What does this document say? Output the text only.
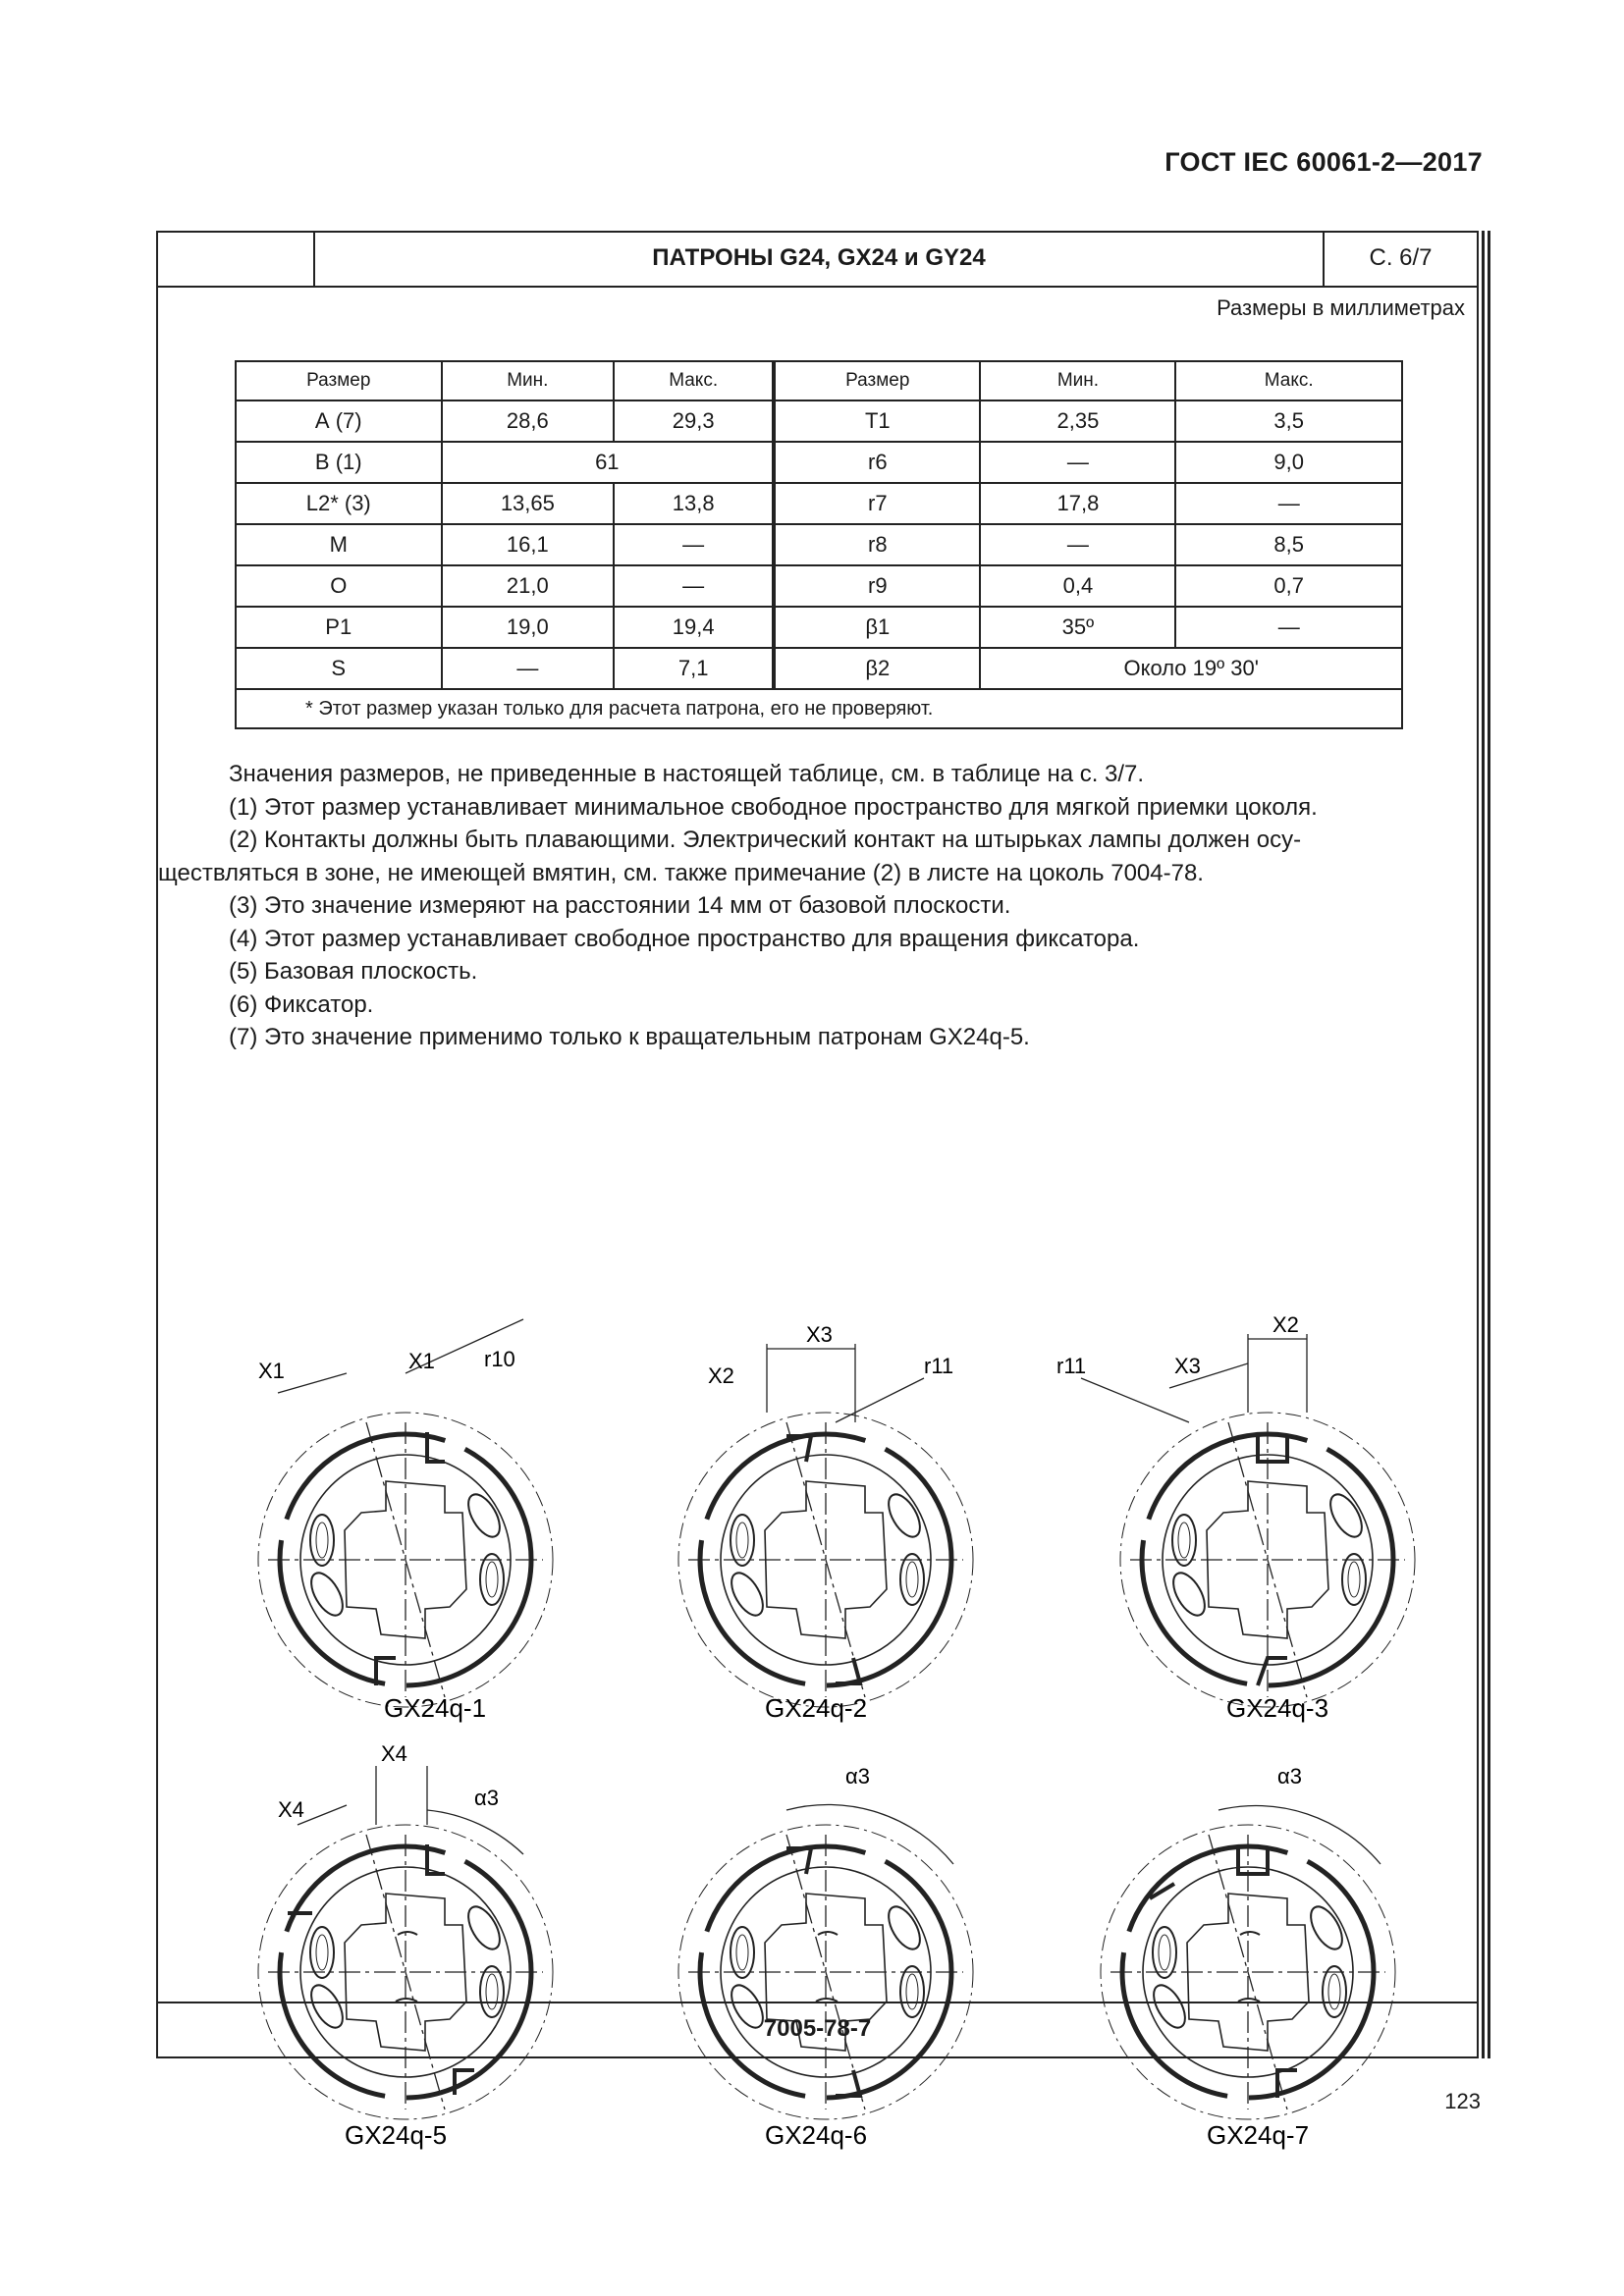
ГОСТ IEC 60061-2—2017
ПАТРОНЫ G24, GX24 и GY24	С. 6/7
Размеры в миллиметрах
Размер	Мин.	Макс.	Размер	Мин.	Макс.
А (7)	28,6	29,3	T1	2,35	3,5
B (1)	61		r6	—	9,0
L2* (3)	13,65	13,8	r7	17,8	—
M	16,1	—	r8	—	8,5
O	21,0	—	r9	0,4	0,7
P1	19,0	19,4	β1	35º	—
S	—	7,1	β2	Около 19º 30'	
* Этот размер указан только для расчета патрона, его не проверяют.					

Значения размеров, не приведенные в настоящей таблице, см. в таблице на с. 3/7.

(1) Этот размер устанавливает минимальное свободное пространство для мягкой приемки цоколя.

(2) Контакты должны быть плавающими. Электрический контакт на штырьках лампы должен осу-

ществляться в зоне, не имеющей вмятин, см. также примечание (2) в листе на цоколь 7004-78.

(3) Это значение измеряют на расстоянии 14 мм от базовой плоскости.

(4) Этот размер устанавливает свободное пространство для вращения фиксатора.

(5) Базовая плоскость.

(6) Фиксатор.

(7) Это значение применимо только к вращательным патронам GX24q-5.

X1	X1 r10
GX24q-1
X3
X2	r11
GX24q-2
X2
X3
r11
GX24q-3
X4
X4	α3
GX24q-5
α3
GX24q-6
α3
GX24q-7
7005-78-7
123
